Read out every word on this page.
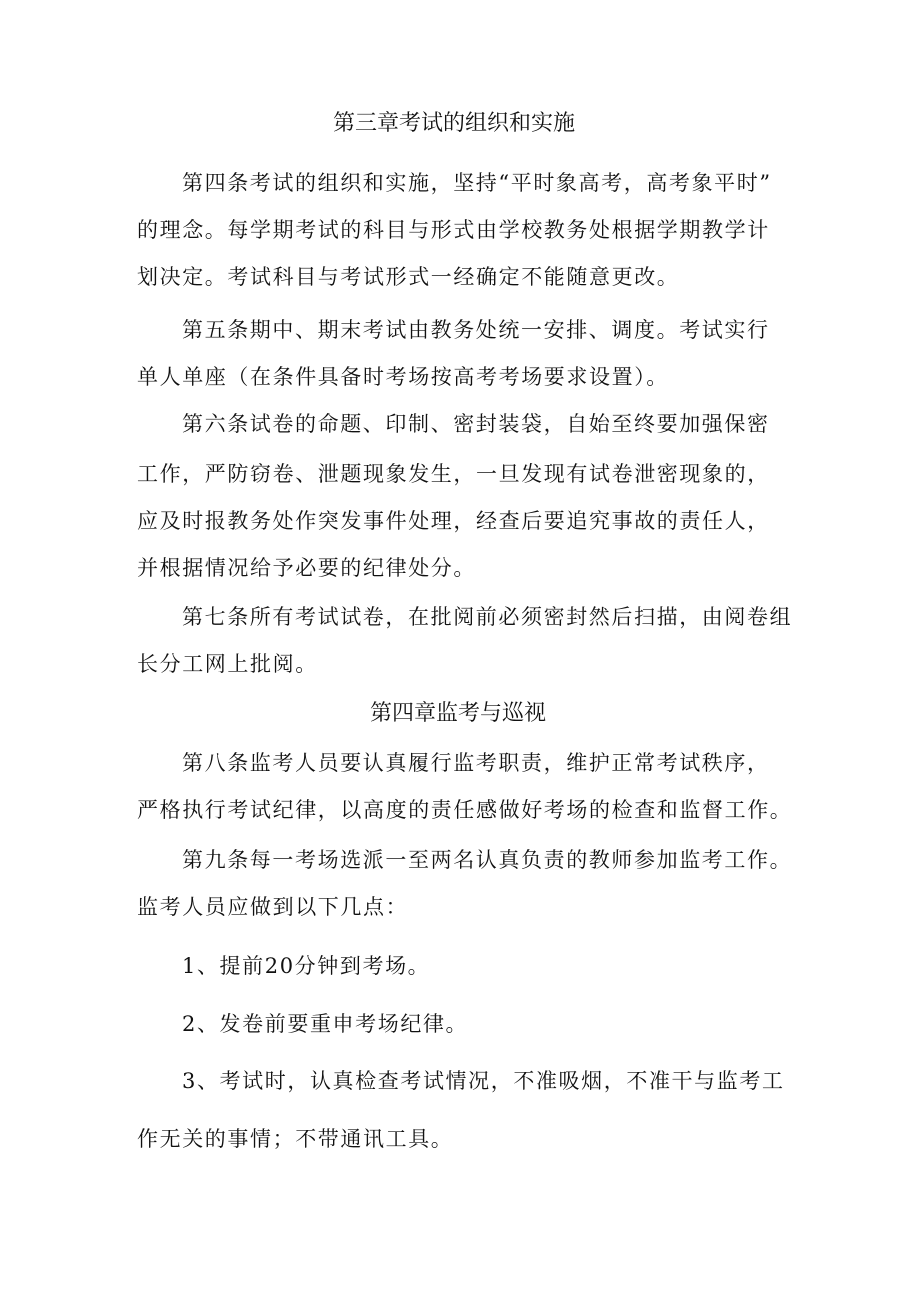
第三章考试的组织和实施
第四条考试的组织和实施，坚持“平时象高考，高考象平时”
的理念。每学期考试的科目与形式由学校教务处根据学期教学计
划决定。考试科目与考试形式一经确定不能随意更改。
第五条期中、期末考试由教务处统一安排、调度。考试实行
单人单座（在条件具备时考场按高考考场要求设置）。
第六条试卷的命题、印制、密封装袋，自始至终要加强保密
工作，严防窃卷、泄题现象发生，一旦发现有试卷泄密现象的，
应及时报教务处作突发事件处理，经查后要追究事故的责任人，
并根据情况给予必要的纪律处分。
第七条所有考试试卷，在批阅前必须密封然后扫描，由阅卷组
长分工网上批阅。
第四章监考与巡视
第八条监考人员要认真履行监考职责，维护正常考试秩序，
严格执行考试纪律，以高度的责任感做好考场的检查和监督工作。
第九条每一考场选派一至两名认真负责的教师参加监考工作。
监考人员应做到以下几点：
1、提前20分钟到考场。
2、发卷前要重申考场纪律。
3、考试时，认真检查考试情况，不准吸烟，不准干与监考工
作无关的事情；不带通讯工具。
